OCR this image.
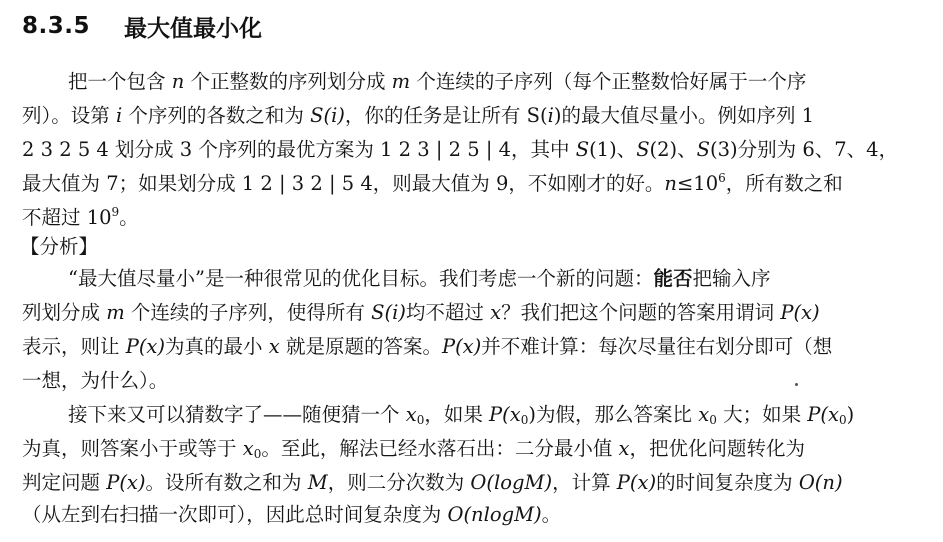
8.3.5 最大值最小化
把一个包含 n 个正整数的序列划分成 m 个连续的子序列（每个正整数恰好属于一个序
列）。设第 i 个序列的各数之和为 S(i)，你的任务是让所有 S(i)的最大值尽量小。例如序列 1
2 3 2 5 4 划分成 3 个序列的最优方案为 1 2 3 | 2 5 | 4，其中 S(1)、S(2)、S(3)分别为 6、7、4，
最大值为 7；如果划分成 1 2 | 3 2 | 5 4，则最大值为 9，不如刚才的好。$n\le 10^6$，所有数之和
不超过 $10^9$。
【分析】
“最大值尽量小”是一种很常见的优化目标。我们考虑一个新的问题：能否把输入序
列划分成 m 个连续的子序列，使得所有 S(i)均不超过 x？我们把这个问题的答案用谓词 P(x)
表示，则让 P(x)为真的最小 x 就是原题的答案。P(x)并不难计算：每次尽量往右划分即可（想
一想，为什么）。
接下来又可以猜数字了——随便猜一个 $x_0$，如果 $P(x_0)$为假，那么答案比 $x_0$ 大；如果 $P(x_0)$
为真，则答案小于或等于 $x_0$。至此，解法已经水落石出：二分最小值 x，把优化问题转化为
判定问题 P(x)。设所有数之和为 M，则二分次数为 O(logM)，计算 P(x)的时间复杂度为 O(n)
（从左到右扫描一次即可），因此总时间复杂度为 O(nlogM)。
